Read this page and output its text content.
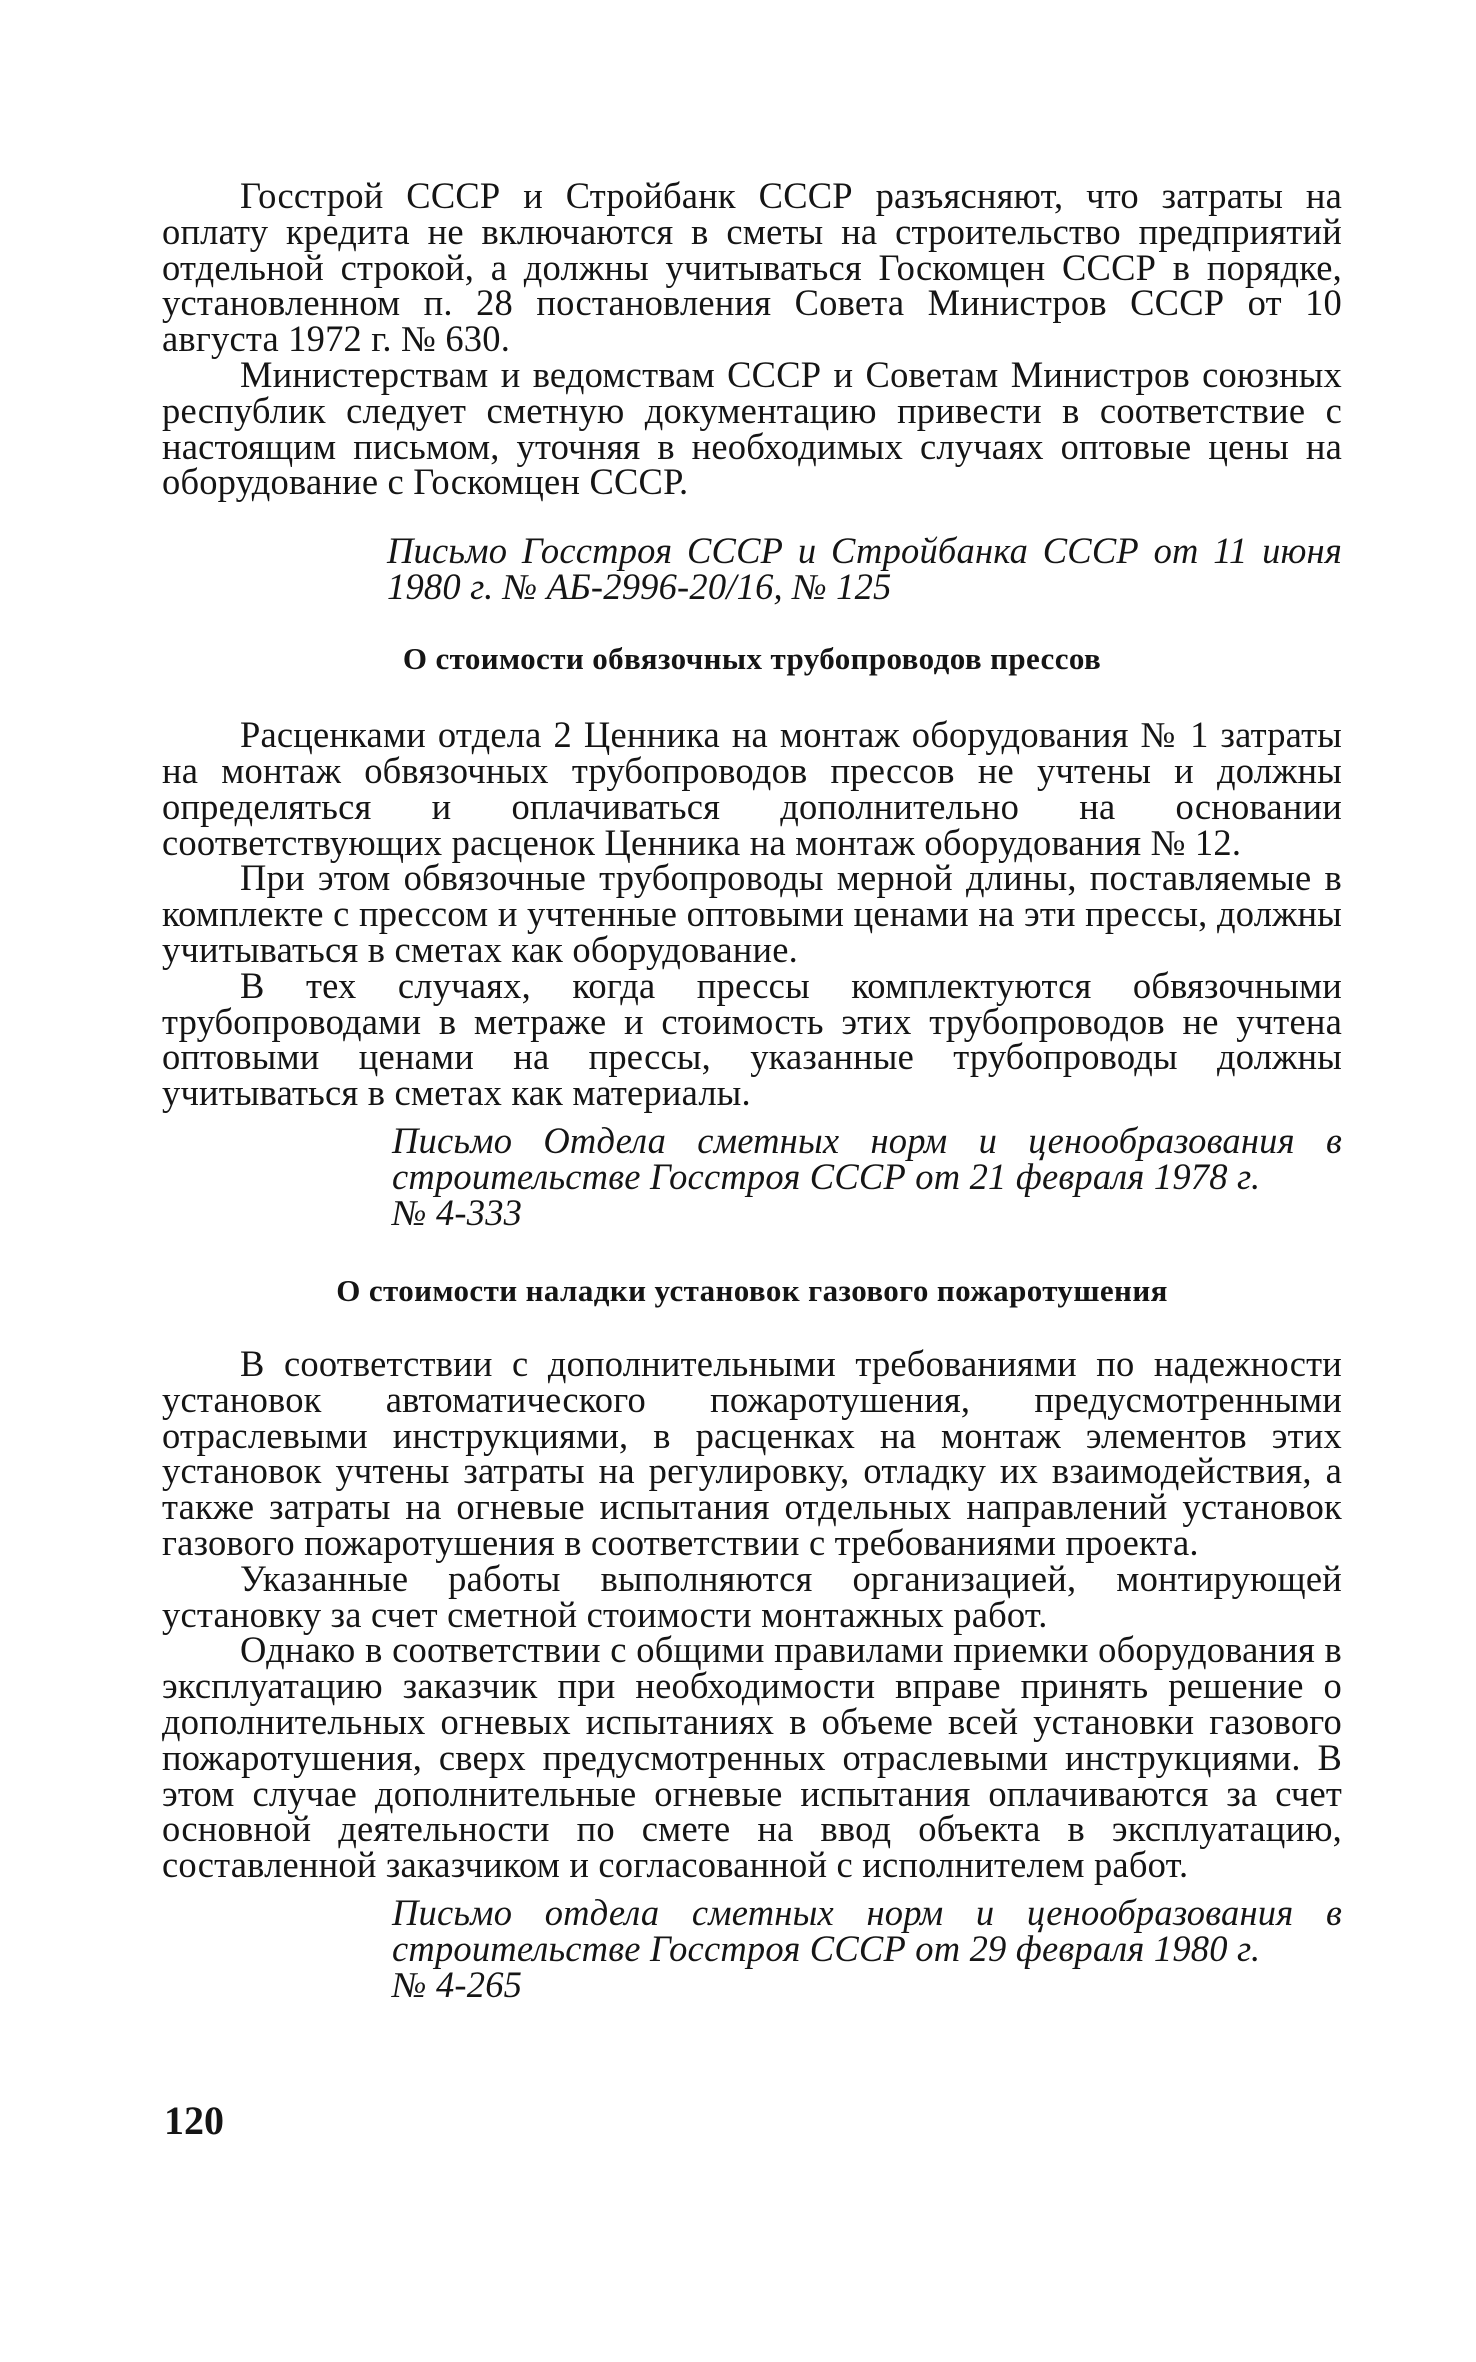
Госстрой СССР и Стройбанк СССР разъясняют, что затраты на оплату кредита не включаются в сметы на строительство предприятий отдельной строкой, а должны учитываться Госкомцен СССР в порядке, установленном п. 28 постановления Совета Министров СССР от 10 августа 1972 г. № 630.

Министерствам и ведомствам СССР и Советам Министров союзных республик следует сметную документацию привести в соответствие с настоящим письмом, уточняя в необходимых случаях оптовые цены на оборудование с Госкомцен СССР.

Письмо Госстроя СССР и Стройбанка СССР от 11 июня 1980 г. № АБ-2996-20/16, № 125
О стоимости обвязочных трубопроводов прессов

Расценками отдела 2 Ценника на монтаж оборудования № 1 затраты на монтаж обвязочных трубопроводов прессов не учтены и должны определяться и оплачиваться дополнительно на основании соответствующих расценок Ценника на монтаж оборудования № 12.

При этом обвязочные трубопроводы мерной длины, поставляемые в комплекте с прессом и учтенные оптовыми ценами на эти прессы, должны учитываться в сметах как оборудование.

В тех случаях, когда прессы комплектуются обвязочными трубопроводами в метраже и стоимость этих трубопроводов не учтена оптовыми ценами на прессы, указанные трубопроводы должны учитываться в сметах как материалы.

Письмо Отдела сметных норм и ценообразования в строительстве Госстроя СССР от 21 февраля 1978 г.
№ 4-333
О стоимости наладки установок газового пожаротушения

В соответствии с дополнительными требованиями по надежности установок автоматического пожаротушения, предусмотренными отраслевыми инструкциями, в расценках на монтаж элементов этих установок учтены затраты на регулировку, отладку их взаимодействия, а также затраты на огневые испытания отдельных направлений установок газового пожаротушения в соответствии с требованиями проекта.

Указанные работы выполняются организацией, монтирующей установку за счет сметной стоимости монтажных работ.

Однако в соответствии с общими правилами приемки оборудования в эксплуатацию заказчик при необходимости вправе принять решение о дополнительных огневых испытаниях в объеме всей установки газового пожаротушения, сверх предусмотренных отраслевыми инструкциями. В этом случае дополнительные огневые испытания оплачиваются за счет основной деятельности по смете на ввод объекта в эксплуатацию, составленной заказчиком и согласованной с исполнителем работ.

Письмо отдела сметных норм и ценообразования в строительстве Госстроя СССР от 29 февраля 1980 г.
№ 4-265
120
